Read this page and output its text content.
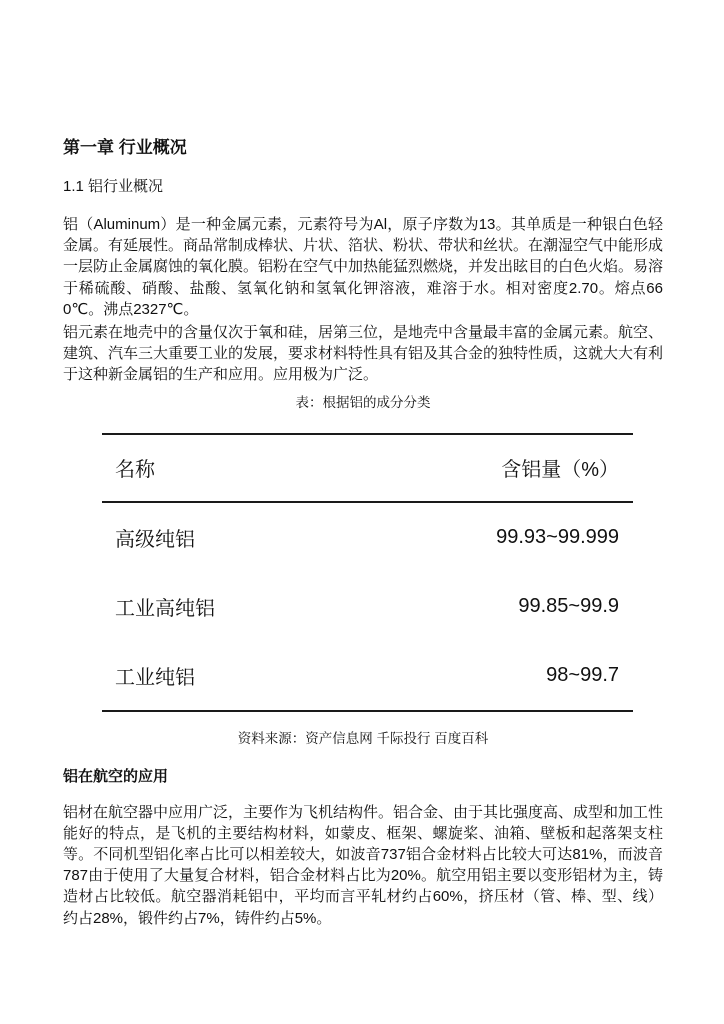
第一章 行业概况
1.1 铝行业概况

铝（Aluminum）是一种金属元素，元素符号为Al，原子序数为13。其单质是一种银白色轻金属。有延展性。商品常制成棒状、片状、箔状、粉状、带状和丝状。在潮湿空气中能形成一层防止金属腐蚀的氧化膜。铝粉在空气中加热能猛烈燃烧，并发出眩目的白色火焰。易溶于稀硫酸、硝酸、盐酸、氢氧化钠和氢氧化钾溶液，难溶于水。相对密度2.70。熔点660℃。沸点2327℃。

铝元素在地壳中的含量仅次于氧和硅，居第三位，是地壳中含量最丰富的金属元素。航空、建筑、汽车三大重要工业的发展，要求材料特性具有铝及其合金的独特性质，这就大大有利于这种新金属铝的生产和应用。应用极为广泛。

表：根据铝的成分分类
名称	含铝量（%）
高级纯铝	99.93~99.999
工业高纯铝	99.85~99.9
工业纯铝	98~99.7
资料来源：资产信息网 千际投行 百度百科
铝在航空的应用

铝材在航空器中应用广泛，主要作为飞机结构件。铝合金、由于其比强度高、成型和加工性能好的特点，是飞机的主要结构材料，如蒙皮、框架、螺旋桨、油箱、壁板和起落架支柱等。不同机型铝化率占比可以相差较大，如波音737铝合金材料占比较大可达81%，而波音787由于使用了大量复合材料，铝合金材料占比为20%。航空用铝主要以变形铝材为主，铸造材占比较低。航空器消耗铝中，平均而言平轧材约占60%，挤压材（管、棒、型、线）约占28%，锻件约占7%，铸件约占5%。
